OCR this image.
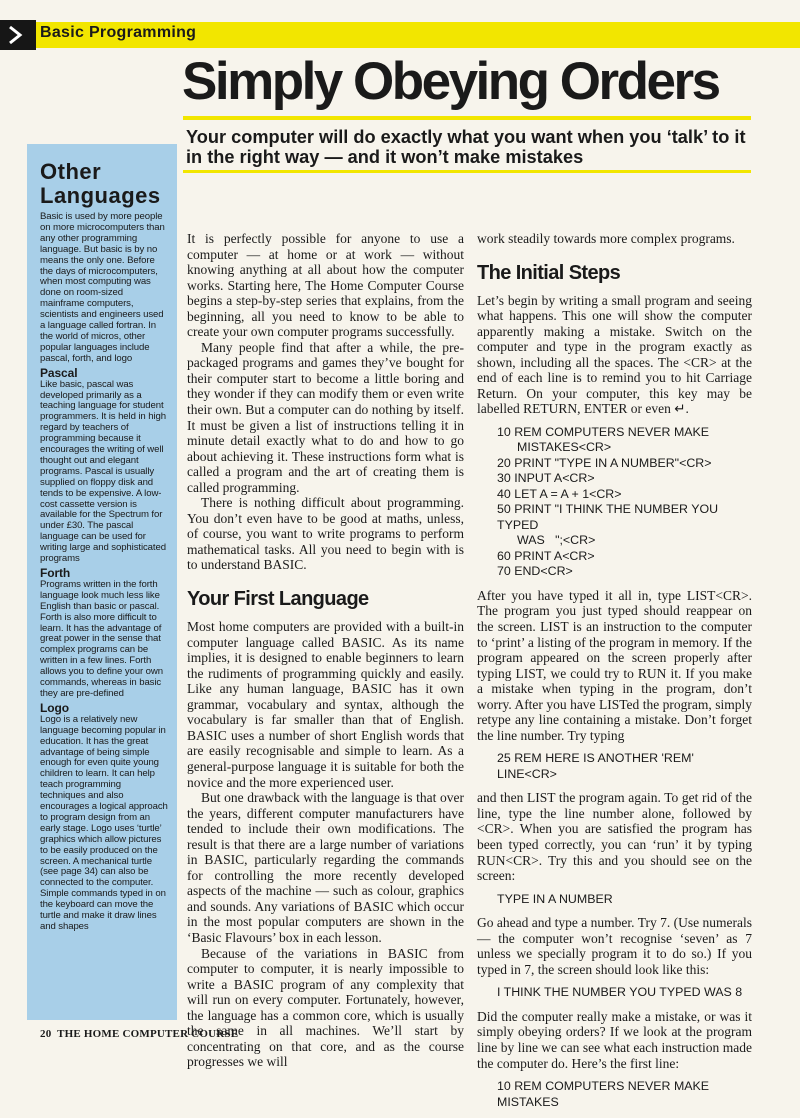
Basic Programming
Simply Obeying Orders
Your computer will do exactly what you want when you ‘talk’ to it in the right way — and it won’t make mistakes
Other
Languages

Basic is used by more people on more microcomputers than any other programming language. But basic is by no means the only one. Before the days of microcomputers, when most computing was done on room-sized mainframe computers, scientists and engineers used a language called fortran. In the world of micros, other popular languages include pascal, forth, and logo

Pascal

Like basic, pascal was developed primarily as a teaching language for student programmers. It is held in high regard by teachers of programming because it encourages the writing of well thought out and elegant programs. Pascal is usually supplied on floppy disk and tends to be expensive. A low-cost cassette version is available for the Spectrum for under £30. The pascal language can be used for writing large and sophisticated programs

Forth

Programs written in the forth language look much less like English than basic or pascal. Forth is also more difficult to learn. It has the advantage of great power in the sense that complex programs can be written in a few lines. Forth allows you to define your own commands, whereas in basic they are pre-defined

Logo

Logo is a relatively new language becoming popular in education. It has the great advantage of being simple enough for even quite young children to learn. It can help teach programming techniques and also encourages a logical approach to program design from an early stage. Logo uses ‘turtle’ graphics which allow pictures to be easily produced on the screen. A mechanical turtle (see page 34) can also be connected to the computer. Simple commands typed in on the keyboard can move the turtle and make it draw lines and shapes

It is perfectly possible for anyone to use a computer — at home or at work — without knowing anything at all about how the computer works. Starting here, The Home Computer Course begins a step-by-step series that explains, from the beginning, all you need to know to be able to create your own computer programs successfully.

Many people find that after a while, the pre-packaged programs and games they’ve bought for their computer start to become a little boring and they wonder if they can modify them or even write their own. But a computer can do nothing by itself. It must be given a list of instructions telling it in minute detail exactly what to do and how to go about achieving it. These instructions form what is called a program and the art of creating them is called programming.

There is nothing difficult about programming. You don’t even have to be good at maths, unless, of course, you want to write programs to perform mathematical tasks. All you need to begin with is to understand BASIC.

Your First Language

Most home computers are provided with a built-in computer language called BASIC. As its name implies, it is designed to enable beginners to learn the rudiments of programming quickly and easily. Like any human language, BASIC has it own grammar, vocabulary and syntax, although the vocabulary is far smaller than that of English. BASIC uses a number of short English words that are easily recognisable and simple to learn. As a general-purpose language it is suitable for both the novice and the more experienced user.

But one drawback with the language is that over the years, different computer manufacturers have tended to include their own modifications. The result is that there are a large number of variations in BASIC, particularly regarding the commands for controlling the more recently developed aspects of the machine — such as colour, graphics and sounds. Any variations of BASIC which occur in the most popular computers are shown in the ‘Basic Flavours’ box in each lesson.

Because of the variations in BASIC from computer to computer, it is nearly impossible to write a BASIC program of any complexity that will run on every computer. Fortunately, however, the language has a common core, which is usually the same in all machines. We’ll start by concentrating on that core, and as the course progresses we will

work steadily towards more complex programs.

The Initial Steps

Let’s begin by writing a small program and seeing what happens. This one will show the computer apparently making a mistake. Switch on the computer and type in the program exactly as shown, including all the spaces. The <CR> at the end of each line is to remind you to hit Carriage Return. On your computer, this key may be labelled RETURN, ENTER or even ↵.

10 REM COMPUTERS NEVER MAKE
MISTAKES<CR>
20 PRINT "TYPE IN A NUMBER"<CR>
30 INPUT A<CR>
40 LET A = A + 1<CR>
50 PRINT "I THINK THE NUMBER YOU TYPED
WAS   ";<CR>
60 PRINT A<CR>
70 END<CR>

After you have typed it all in, type LIST<CR>. The program you just typed should reappear on the screen. LIST is an instruction to the computer to ‘print’ a listing of the program in memory. If the program appeared on the screen properly after typing LIST, we could try to RUN it. If you make a mistake when typing in the program, don’t worry. After you have LISTed the program, simply retype any line containing a mistake. Don’t forget the line number. Try typing

25 REM HERE IS ANOTHER 'REM' LINE<CR>

and then LIST the program again. To get rid of the line, type the line number alone, followed by <CR>. When you are satisfied the program has been typed correctly, you can ‘run’ it by typing RUN<CR>. Try this and you should see on the screen:

TYPE IN A NUMBER

Go ahead and type a number. Try 7. (Use numerals — the computer won’t recognise ‘seven’ as 7 unless we specially program it to do so.) If you typed in 7, the screen should look like this:

I THINK THE NUMBER YOU TYPED WAS 8

Did the computer really make a mistake, or was it simply obeying orders? If we look at the program line by line we can see what each instruction made the computer do. Here’s the first line:

10 REM COMPUTERS NEVER MAKE MISTAKES
20 THE HOME COMPUTER COURSE
